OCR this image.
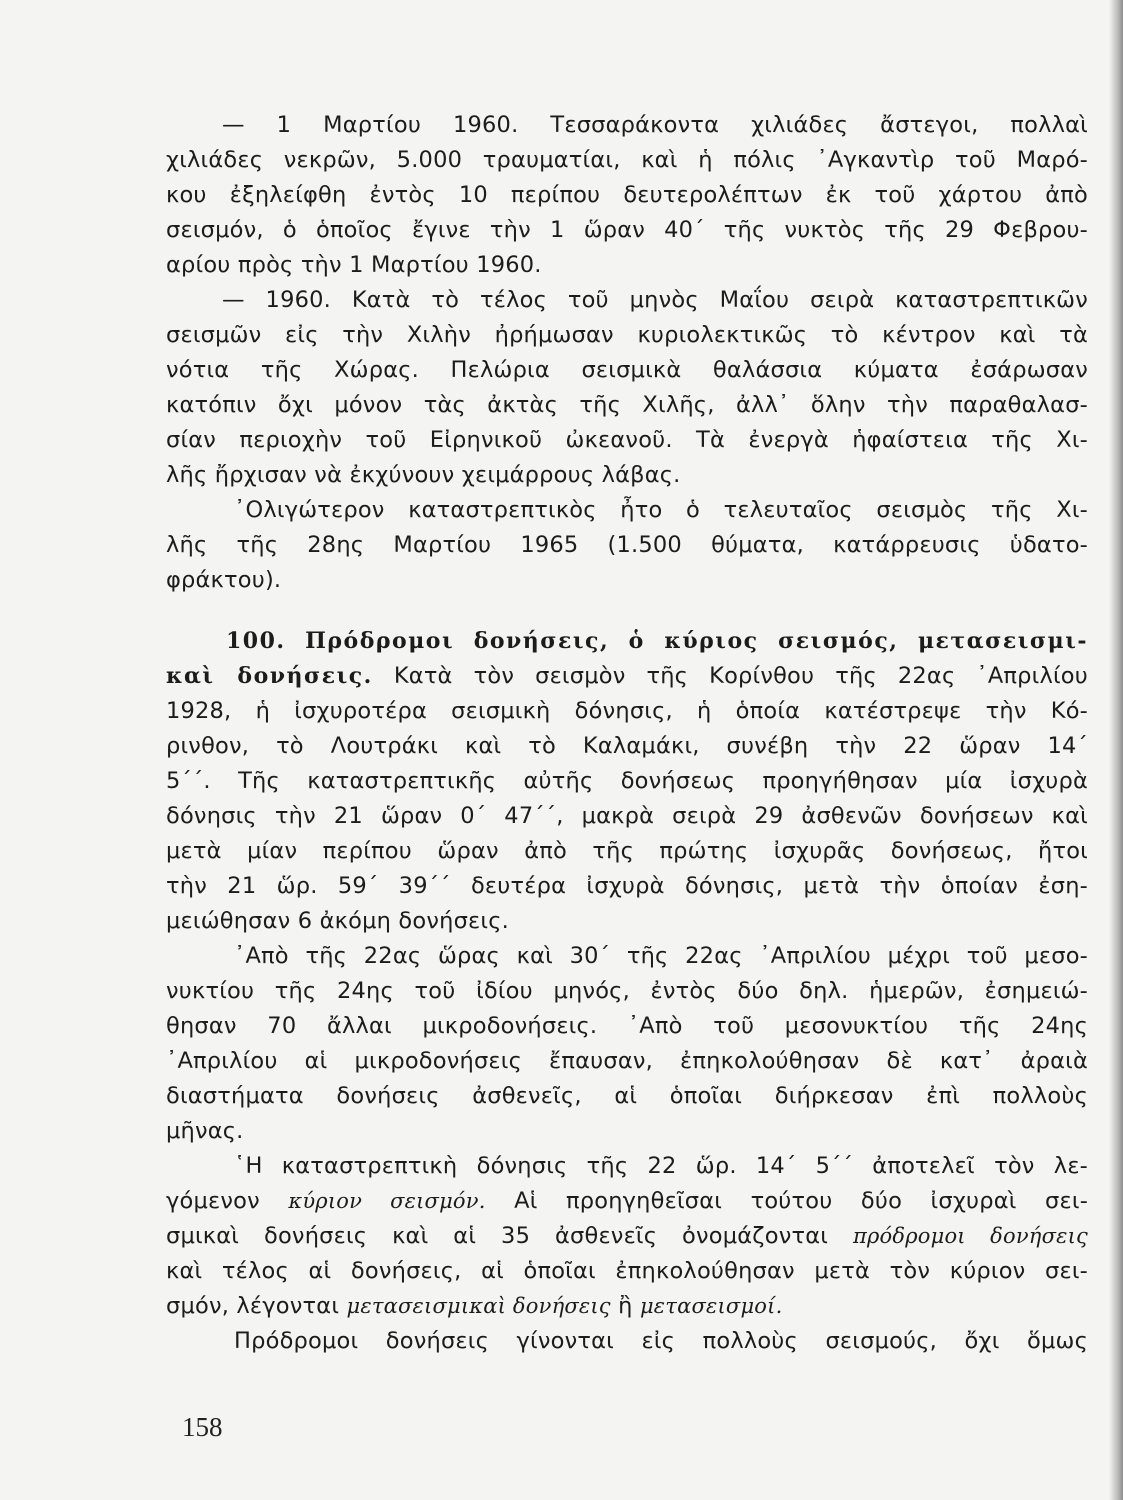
— 1 Μαρτίου 1960. Τεσσαράκοντα χιλιάδες ἄστεγοι, πολλαὶ
χιλιάδες νεκρῶν, 5.000 τραυματίαι, καὶ ἡ πόλις ᾿Αγκαντὶρ τοῦ Μαρό-
κου ἐξηλείφθη ἐντὸς 10 περίπου δευτερολέπτων ἐκ τοῦ χάρτου ἀπὸ
σεισμόν, ὁ ὁποῖος ἔγινε τὴν 1 ὥραν 40΄ τῆς νυκτὸς τῆς 29 Φεβρου-
αρίου πρὸς τὴν 1 Μαρτίου 1960.
— 1960. Κατὰ τὸ τέλος τοῦ μηνὸς Μαΐου σειρὰ καταστρεπτικῶν
σεισμῶν εἰς τὴν Χιλὴν ἠρήμωσαν κυριολεκτικῶς τὸ κέντρον καὶ τὰ
νότια τῆς Χώρας. Πελώρια σεισμικὰ θαλάσσια κύματα ἐσάρωσαν
κατόπιν ὄχι μόνον τὰς ἀκτὰς τῆς Χιλῆς, ἀλλ᾿ ὅλην τὴν παραθαλασ-
σίαν περιοχὴν τοῦ Εἰρηνικοῦ ὠκεανοῦ. Τὰ ἐνεργὰ ἡφαίστεια τῆς Χι-
λῆς ἤρχισαν νὰ ἐκχύνουν χειμάρρους λάβας.
᾿Ολιγώτερον καταστρεπτικὸς ἦτο ὁ τελευταῖος σεισμὸς τῆς Χι-
λῆς τῆς 28ης Μαρτίου 1965 (1.500 θύματα, κατάρρευσις ὑδατο-
φράκτου).
100. Πρόδρομοι δονήσεις, ὁ κύριος σεισμός, μετασεισμι-
καὶ δονήσεις. Κατὰ τὸν σεισμὸν τῆς Κορίνθου τῆς 22ας ᾿Απριλίου
1928, ἡ ἰσχυροτέρα σεισμικὴ δόνησις, ἡ ὁποία κατέστρεψε τὴν Κό-
ρινθον, τὸ Λουτράκι καὶ τὸ Καλαμάκι, συνέβη τὴν 22 ὥραν 14΄
5΄΄. Τῆς καταστρεπτικῆς αὐτῆς δονήσεως προηγήθησαν μία ἰσχυρὰ
δόνησις τὴν 21 ὥραν 0΄ 47΄΄, μακρὰ σειρὰ 29 ἀσθενῶν δονήσεων καὶ
μετὰ μίαν περίπου ὥραν ἀπὸ τῆς πρώτης ἰσχυρᾶς δονήσεως, ἤτοι
τὴν 21 ὥρ. 59΄ 39΄΄ δευτέρα ἰσχυρὰ δόνησις, μετὰ τὴν ὁποίαν ἐση-
μειώθησαν 6 ἀκόμη δονήσεις.
᾿Απὸ τῆς 22ας ὥρας καὶ 30΄ τῆς 22ας ᾿Απριλίου μέχρι τοῦ μεσο-
νυκτίου τῆς 24ης τοῦ ἰδίου μηνός, ἐντὸς δύο δηλ. ἡμερῶν, ἐσημειώ-
θησαν 70 ἄλλαι μικροδονήσεις. ᾿Απὸ τοῦ μεσονυκτίου τῆς 24ης
᾿Απριλίου αἱ μικροδονήσεις ἔπαυσαν, ἐπηκολούθησαν δὲ κατ᾿ ἀραιὰ
διαστήματα δονήσεις ἀσθενεῖς, αἱ ὁποῖαι διήρκεσαν ἐπὶ πολλοὺς
μῆνας.
῾Η καταστρεπτικὴ δόνησις τῆς 22 ὥρ. 14΄ 5΄΄ ἀποτελεῖ τὸν λε-
γόμενον κύριον σεισμόν. Αἱ προηγηθεῖσαι τούτου δύο ἰσχυραὶ σει-
σμικαὶ δονήσεις καὶ αἱ 35 ἀσθενεῖς ὀνομάζονται πρόδρομοι δονήσεις
καὶ τέλος αἱ δονήσεις, αἱ ὁποῖαι ἐπηκολούθησαν μετὰ τὸν κύριον σει-
σμόν, λέγονται μετασεισμικαὶ δονήσεις ἢ μετασεισμοί.
Πρόδρομοι δονήσεις γίνονται εἰς πολλοὺς σεισμούς, ὄχι ὅμως
158
